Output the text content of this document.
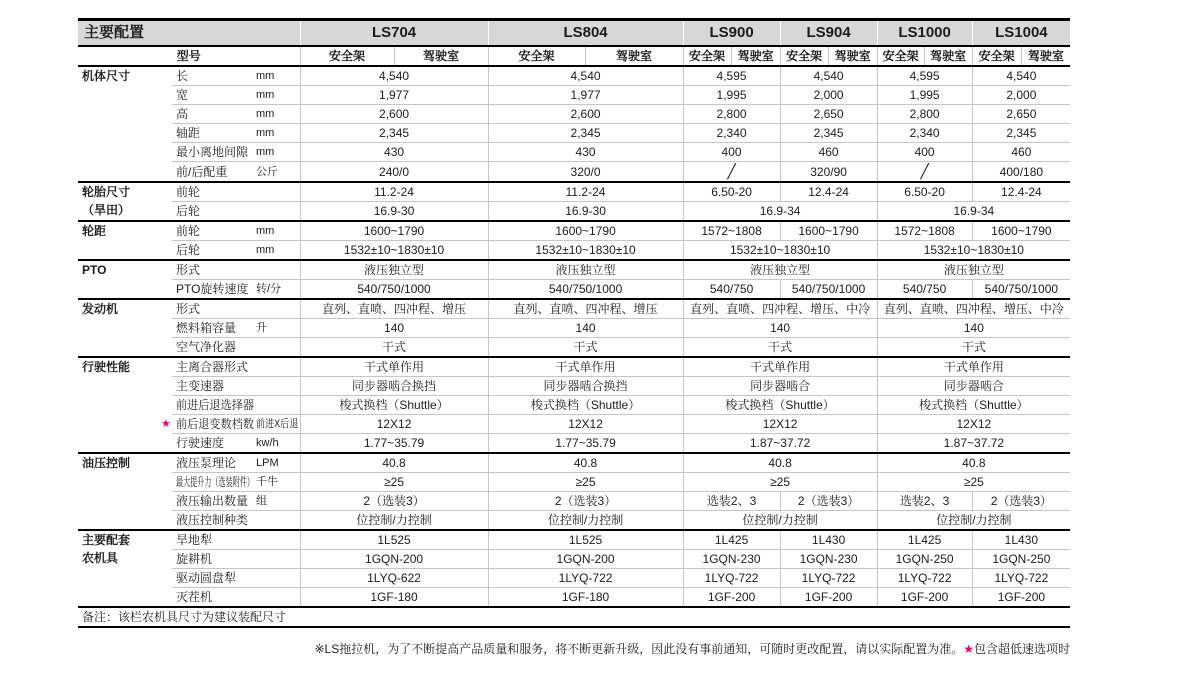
主要配置			LS704		LS804		LS900		LS904		LS1000		LS1004	
型号			安全架	驾驶室	安全架	驾驶室	安全架	驾驶室	安全架	驾驶室	安全架	驾驶室	安全架	驾驶室

机体尺寸	长	mm	4,540		4,540		4,595		4,540		4,595		4,540	
	宽	mm	1,977		1,977		1,995		2,000		1,995		2,000	
	高	mm	2,600		2,600		2,800		2,650		2,800		2,650	
	轴距	mm	2,345		2,345		2,340		2,345		2,340		2,345	
	最小离地间隙	mm	430		430		400		460		400		460	
	前/后配重	公斤	240/0		320/0		╱		320/90		╱		400/180	

轮胎尺寸
（旱田）	前轮		11.2-24		11.2-24		6.50-20		12.4-24		6.50-20		12.4-24	
	后轮		16.9-30		16.9-30		16.9-34				16.9-34			

轮距	前轮	mm	1600~1790		1600~1790		1572~1808		1600~1790		1572~1808		1600~1790	
	后轮	mm	1532±10~1830±10		1532±10~1830±10		1532±10~1830±10				1532±10~1830±10			

PTO	形式		液压独立型		液压独立型		液压独立型				液压独立型			
	PTO旋转速度	转/分	540/750/1000		540/750/1000		540/750		540/750/1000		540/750		540/750/1000	

发动机	形式		直列、直喷、四冲程、增压		直列、直喷、四冲程、增压		直列、直喷、四冲程、增压、中冷				直列、直喷、四冲程、增压、中冷			
	燃料箱容量	升	140		140		140				140			
	空气净化器		干式		干式		干式				干式			

行驶性能	主离合器形式		干式单作用		干式单作用		干式单作用				干式单作用			
	主变速器		同步器啮合换挡		同步器啮合换挡		同步器啮合				同步器啮合			
	前进后退选择器		梭式换档（Shuttle）		梭式换档（Shuttle）		梭式换档（Shuttle）				梭式换档（Shuttle）			

	★ 前后退变数档数	前进X后退	12X12		12X12		12X12				12X12			
	行驶速度	kw/h	1.77~35.79		1.77~35.79		1.87~37.72				1.87~37.72			

油压控制	液压泵理论	LPM	40.8		40.8		40.8				40.8			
	最大提升力（选装附件）	千牛	≥25		≥25		≥25				≥25			
	液压输出数量	组	2（选装3）		2（选装3）		选装2、3		2（选装3）		选装2、3		2（选装3）	
	液压控制种类		位控制/力控制		位控制/力控制		位控制/力控制				位控制/力控制			

主要配套
农机具	旱地犁		1L525		1L525		1L425		1L430		1L425		1L430	
	旋耕机		1GQN-200		1GQN-200		1GQN-230		1GQN-230		1GQN-250		1GQN-250	
	驱动圆盘犁		1LYQ-622		1LYQ-722		1LYQ-722		1LYQ-722		1LYQ-722		1LYQ-722	
	灭茬机		1GF-180		1GF-180		1GF-200		1GF-200		1GF-200		1GF-200	
备注：该栏农机具尺寸为建议装配尺寸														
※LS拖拉机，为了不断提高产品质量和服务，将不断更新升级，因此没有事前通知，可随时更改配置，请以实际配置为准。★包含超低速选项时
